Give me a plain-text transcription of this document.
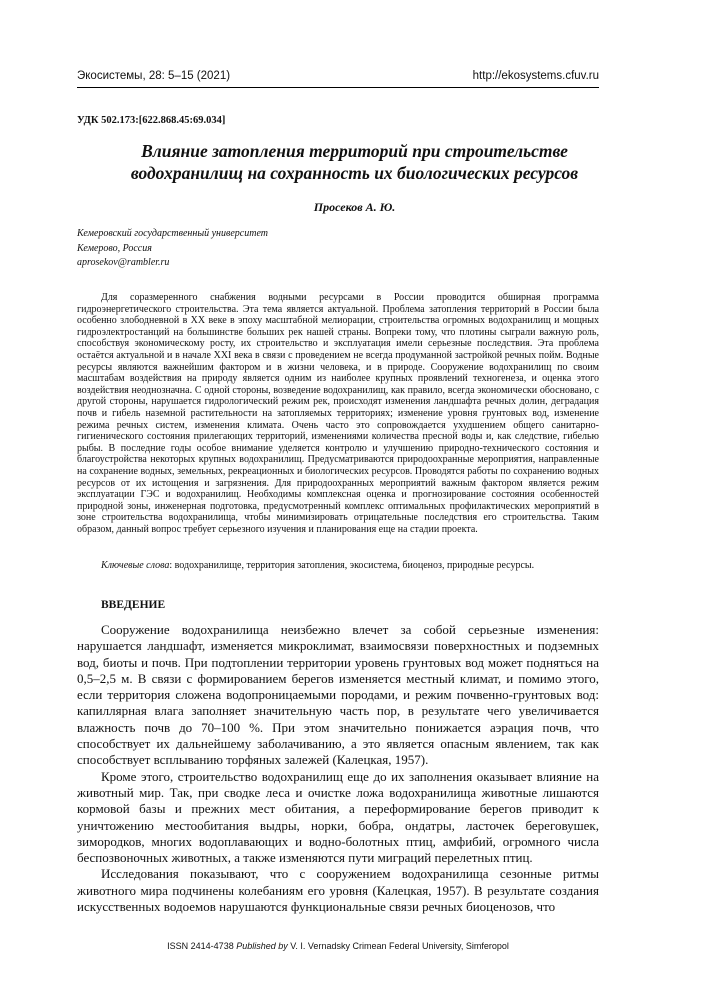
Экосистемы, 28: 5–15 (2021)	http://ekosystems.cfuv.ru
УДК 502.173:[622.868.45:69.034]
Влияние затопления территорий при строительстве
водохранилищ на сохранность их биологических ресурсов
Просеков А. Ю.
Кемеровский государственный университет
Кемерово, Россия
aprosekov@rambler.ru

Для соразмеренного снабжения водными ресурсами в России проводится обширная программа гидроэнергетического строительства. Эта тема является актуальной. Проблема затопления территорий в России была особенно злободневной в XX веке в эпоху масштабной мелиорации, строительства огромных водохранилищ и мощных гидроэлектростанций на большинстве больших рек нашей страны. Вопреки тому, что плотины сыграли важную роль, способствуя экономическому росту, их строительство и эксплуатация имели серьезные последствия. Эта проблема остаётся актуальной и в начале XXI века в связи с проведением не всегда продуманной застройкой речных пойм. Водные ресурсы являются важнейшим фактором и в жизни человека, и в природе. Сооружение водохранилищ по своим масштабам воздействия на природу является одним из наиболее крупных проявлений техногенеза, и оценка этого воздействия неоднозначна. С одной стороны, возведение водохранилищ, как правило, всегда экономически обосновано, с другой стороны, нарушается гидрологический режим рек, происходят изменения ландшафта речных долин, деградация почв и гибель наземной растительности на затопляемых территориях; изменение уровня грунтовых вод, изменение режима речных систем, изменения климата. Очень часто это сопровождается ухудшением общего санитарно-гигиенического состояния прилегающих территорий, изменениями количества пресной воды и, как следствие, гибелью рыбы. В последние годы особое внимание уделяется контролю и улучшению природно-технического состояния и благоустройства некоторых крупных водохранилищ. Предусматриваются природоохранные мероприятия, направленные на сохранение водных, земельных, рекреационных и биологических ресурсов. Проводятся работы по сохранению водных ресурсов от их истощения и загрязнения. Для природоохранных мероприятий важным фактором является режим эксплуатации ГЭС и водохранилищ. Необходимы комплексная оценка и прогнозирование состояния особенностей природной зоны, инженерная подготовка, предусмотренный комплекс оптимальных профилактических мероприятий в зоне строительства водохранилища, чтобы минимизировать отрицательные последствия его строительства. Таким образом, данный вопрос требует серьезного изучения и планирования еще на стадии проекта.

Ключевые слова: водохранилище, территория затопления, экосистема, биоценоз, природные ресурсы.

ВВЕДЕНИЕ

Сооружение водохранилища неизбежно влечет за собой серьезные изменения: нарушается ландшафт, изменяется микроклимат, взаимосвязи поверхностных и подземных вод, биоты и почв. При подтоплении территории уровень грунтовых вод может подняться на 0,5–2,5 м. В связи с формированием берегов изменяется местный климат, и помимо этого, если территория сложена водопроницаемыми породами, и режим почвенно-грунтовых вод: капиллярная влага заполняет значительную часть пор, в результате чего увеличивается влажность почв до 70–100 %. При этом значительно понижается аэрация почв, что способствует их дальнейшему заболачиванию, а это является опасным явлением, так как способствует всплыванию торфяных залежей (Калецкая, 1957).

Кроме этого, строительство водохранилищ еще до их заполнения оказывает влияние на животный мир. Так, при сводке леса и очистке ложа водохранилища животные лишаются кормовой базы и прежних мест обитания, а переформирование берегов приводит к уничтожению местообитания выдры, норки, бобра, ондатры, ласточек береговушек, зимородков, многих водоплавающих и водно-болотных птиц, амфибий, огромного числа беспозвоночных животных, а также изменяются пути миграций перелетных птиц.

Исследования показывают, что с сооружением водохранилища сезонные ритмы животного мира подчинены колебаниям его уровня (Калецкая, 1957). В результате создания искусственных водоемов нарушаются функциональные связи речных биоценозов, что

ISSN 2414-4738 Published by V. I. Vernadsky Crimean Federal University, Simferopol
